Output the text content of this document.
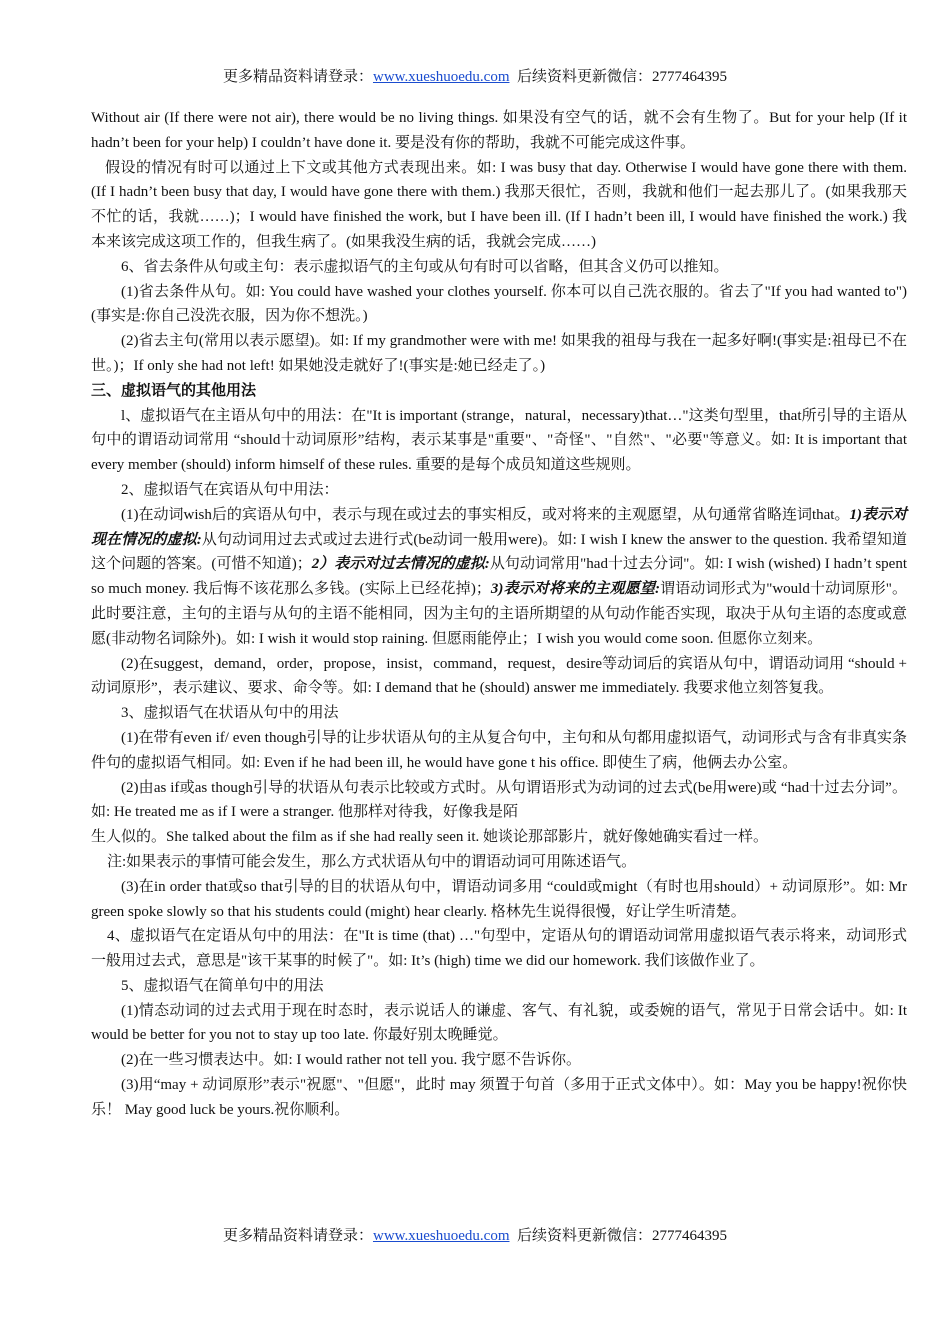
更多精品资料请登录：www.xueshuoedu.com  后续资料更新微信：2777464395

Without air (If there were not air), there would be no living things. 如果没有空气的话，就不会有生物了。But for your help (If it hadn’t been for your help) I couldn’t have done it. 要是没有你的帮助，我就不可能完成这件事。

假设的情况有时可以通过上下文或其他方式表现出来。如: I was busy that day. Otherwise I would have gone there with them. (If I hadn’t been busy that day, I would have gone there with them.) 我那天很忙，否则，我就和他们一起去那儿了。(如果我那天不忙的话，我就……)；I would have finished the work, but I have been ill. (If I hadn’t been ill, I would have finished the work.) 我本来该完成这项工作的，但我生病了。(如果我没生病的话，我就会完成……)

6、省去条件从句或主句：表示虚拟语气的主句或从句有时可以省略，但其含义仍可以推知。

(1)省去条件从句。如: You could have washed your clothes yourself. 你本可以自己洗衣服的。省去了"If you had wanted to")(事实是:你自己没洗衣服，因为你不想洗。)

(2)省去主句(常用以表示愿望)。如: If my grandmother were with me! 如果我的祖母与我在一起多好啊!(事实是:祖母已不在世。)；If only she had not left! 如果她没走就好了!(事实是:她已经走了。)

三、虚拟语气的其他用法

l、虚拟语气在主语从句中的用法：在"It is important (strange，natural，necessary)that…"这类句型里，that所引导的主语从句中的谓语动词常用 “should十动词原形”结构，表示某事是"重要"、"奇怪"、"自然"、"必要"等意义。如: It is important that every member (should) inform himself of these rules. 重要的是每个成员知道这些规则。

2、虚拟语气在宾语从句中用法：

(1)在动词wish后的宾语从句中，表示与现在或过去的事实相反，或对将来的主观愿望，从句通常省略连词that。1)表示对现在情况的虚拟:从句动词用过去式或过去进行式(be动词一般用were)。如: I wish I knew the answer to the question. 我希望知道这个问题的答案。(可惜不知道)；2）表示对过去情况的虚拟:从句动词常用"had十过去分词"。如: I wish (wished) I hadn’t spent so much money. 我后悔不该花那么多钱。(实际上已经花掉)；3)表示对将来的主观愿望:谓语动词形式为"would十动词原形"。此时要注意，主句的主语与从句的主语不能相同，因为主句的主语所期望的从句动作能否实现，取决于从句主语的态度或意愿(非动物名词除外)。如: I wish it would stop raining. 但愿雨能停止；I wish you would come soon. 但愿你立刻来。

(2)在suggest，demand，order，propose，insist，command，request，desire等动词后的宾语从句中，谓语动词用 “should + 动词原形”，表示建议、要求、命令等。如: I demand that he (should) answer me immediately. 我要求他立刻答复我。

3、虚拟语气在状语从句中的用法

(1)在带有even if/ even though引导的让步状语从句的主从复合句中，主句和从句都用虚拟语气，动词形式与含有非真实条件句的虚拟语气相同。如: Even if he had been ill, he would have gone t his office. 即使生了病，他俩去办公室。

(2)由as if或as though引导的状语从句表示比较或方式时。从句谓语形式为动词的过去式(be用were)或 “had十过去分词”。如: He treated me as if I were a stranger. 他那样对待我，好像我是陌

生人似的。She talked about the film as if she had really seen it. 她谈论那部影片，就好像她确实看过一样。

注:如果表示的事情可能会发生，那么方式状语从句中的谓语动词可用陈述语气。

(3)在in order that或so that引导的目的状语从句中，谓语动词多用 “could或might（有时也用should）+ 动词原形”。如: Mr green spoke slowly so that his students could (might) hear clearly. 格林先生说得很慢，好让学生听清楚。

4、虚拟语气在定语从句中的用法：在"It is time (that) …"句型中，定语从句的谓语动词常用虚拟语气表示将来，动词形式一般用过去式，意思是"该干某事的时候了"。如: It’s (high) time we did our homework. 我们该做作业了。

5、虚拟语气在简单句中的用法

(1)情态动词的过去式用于现在时态时，表示说话人的谦虚、客气、有礼貌，或委婉的语气，常见于日常会话中。如: It would be better for you not to stay up too late. 你最好别太晚睡觉。

(2)在一些习惯表达中。如: I would rather not tell you. 我宁愿不告诉你。

(3)用“may + 动词原形”表示"祝愿"、"但愿"，此时 may 须置于句首（多用于正式文体中）。如：May you be happy!祝你快乐！ May good luck be yours.祝你顺利。

更多精品资料请登录：www.xueshuoedu.com  后续资料更新微信：2777464395
